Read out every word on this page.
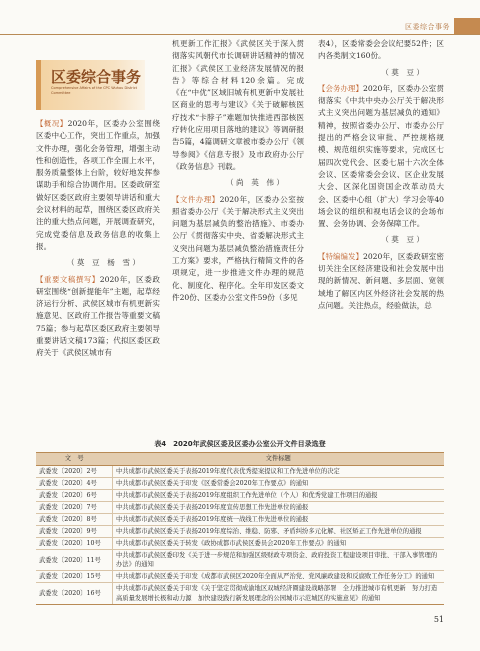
区委综合事务
区委综合事务
Comprehensive Affairs of the CPC Wuhou District Committee

【概况】2020年，区委办公室围绕区委中心工作，突出工作重点，加强文件办理，强化会务管理，增强主动性和创造性，各项工作全面上水平，服务质量整体上台阶，较好地发挥参谋助手和综合协调作用。区委政研室做好区委区政府主要领导讲话和重大会议材料的起草，围绕区委区政府关注的重大热点问题，开展调查研究，完成党委信息及政务信息的收集上报。

（ 莫　豆　杨　雪 ）

【重要文稿撰写】2020年，区委政研室围绕“创新提能年”主题，起草经济运行分析、武侯区城市有机更新实施意见、区政府工作报告等重要文稿75篇；参与起草区委区政府主要领导重要讲话文稿173篇；代拟区委区政府关于《武侯区城市有

机更新工作汇报》《武侯区关于深入贯彻落实风朝代市长调研讲话精神的情况汇报》《武侯区工业经济发展情况的报告》等综合材料120余篇。完成《在“中优”区域旧城有机更新中发展社区商业的思考与建议》《关于破解核医疗技术“卡脖子”难题加快推进西部核医疗转化应用项目落地的建议》等调研报告5篇，4篇调研文章被市委办公厅《领导参阅》《信息专报》及市政府办公厅《政务信息》刊载。

（ 尚　英　伟 ）

【文件办理】2020年，区委办公室按照省委办公厅《关于解决形式主义突出问题为基层减负的整治措施》、市委办公厅《贯彻落实中央、省委解决形式主义突出问题为基层减负整治措施责任分工方案》要求，严格执行精简文件的各项规定，进一步推进文件办理的规范化、制度化、程序化。全年印发区委文件20份、区委办公室文件59份（多见

表4），区委常委会会议纪要52件；区内各类制文160份。

（ 莫　豆 ）

【会务办理】2020年，区委办公室贯彻落实《中共中央办公厅关于解决形式主义突出问题为基层减负的通知》精神，按照省委办公厅、市委办公厅提出的严格会议审批、严控规格规模、规范组织实施等要求，完成区七届四次党代会、区委七届十六次全体会议、区委常委会会议、区企业发展大会、区深化国资国企改革动员大会、区委中心组（扩大）学习会等40场会议的组织和视电话会议的会场布置、会务协调、会务保障工作。

（ 莫　豆 ）

【特编编发】2020年，区委政研室密切关注全区经济建设和社会发展中出现的新情况、新问题、多层面、宽领域地了解区内区外经济社会发展的热点问题。关注热点，经验做法，总

表4　2020年武侯区委及区委办公室公开文件目录选登
文　号	文件标题
武委发〔2020〕2号	中共成都市武侯区委关于表扬2019年度代表优秀提案提议和工作先进单位的决定
武委发〔2020〕4号	中共成都市武侯区委关于印发《区委常委会2020年工作要点》的通知
武委发〔2020〕6号	中共成都市武侯区委关于表扬2019年度组织工作先进单位（个人）和优秀党建工作项目的通报
武委发〔2020〕7号	中共成都市武侯区委关于表扬2019年度宣传思想工作先进单位的通报
武委发〔2020〕8号	中共成都市武侯区委关于表扬2019年度统一战线工作先进单位的通报
武委发〔2020〕9号	中共成都市武侯区委关于表扬2019年度综治、维稳、防邪、矛盾纠纷多元化解、社区矫正工作先进单位的通报
武委发〔2020〕10号	中共成都市武侯区委关于转发《政协成都市武侯区委员会2020年工作要点》的通知
武委发〔2020〕11号	中共成都市武侯区委印发《关于进一步规范和加强区级财政专项资金、政府投资工程建设项目审批、干部入事管理的办法》的通知
武委发〔2020〕15号	中共成都市武侯区委关于印发《成都市武侯区2020年全面从严治党、党风廉政建设和反腐败工作任务分工》的通知
武委发〔2020〕16号	中共成都市武侯区委关于印发《关于坚定贯彻成渝地区双城经济圈建设战略部署　全力推进城市有机更新　努力打造高质量发展增长极和动力源　加快建设践行新发展理念的公园城市示范城区的实施意见》的通知
51
